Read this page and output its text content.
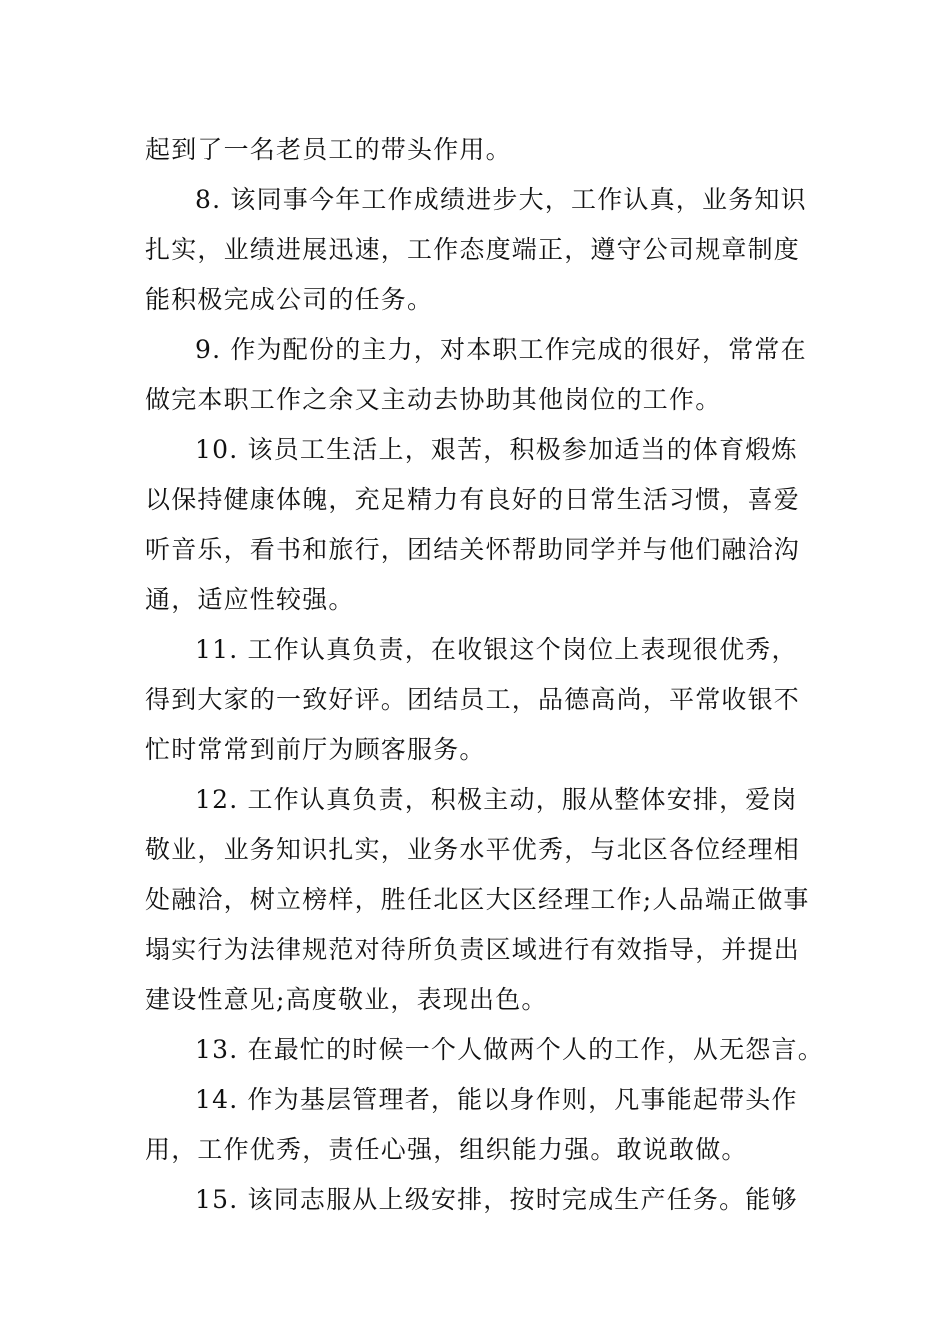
起到了一名老员工的带头作用。
8. 该同事今年工作成绩进步大，工作认真，业务知识
扎实，业绩进展迅速，工作态度端正，遵守公司规章制度
能积极完成公司的任务。
9. 作为配份的主力，对本职工作完成的很好，常常在
做完本职工作之余又主动去协助其他岗位的工作。
10. 该员工生活上，艰苦，积极参加适当的体育煅炼
以保持健康体魄，充足精力有良好的日常生活习惯，喜爱
听音乐，看书和旅行，团结关怀帮助同学并与他们融洽沟
通，适应性较强。
11. 工作认真负责，在收银这个岗位上表现很优秀，
得到大家的一致好评。团结员工，品德高尚，平常收银不
忙时常常到前厅为顾客服务。
12. 工作认真负责，积极主动，服从整体安排，爱岗
敬业，业务知识扎实，业务水平优秀，与北区各位经理相
处融洽，树立榜样，胜任北区大区经理工作;人品端正做事
塌实行为法律规范对待所负责区域进行有效指导，并提出
建设性意见;高度敬业，表现出色。
13. 在最忙的时候一个人做两个人的工作，从无怨言。
14. 作为基层管理者，能以身作则，凡事能起带头作
用，工作优秀，责任心强，组织能力强。敢说敢做。
15. 该同志服从上级安排，按时完成生产任务。能够
